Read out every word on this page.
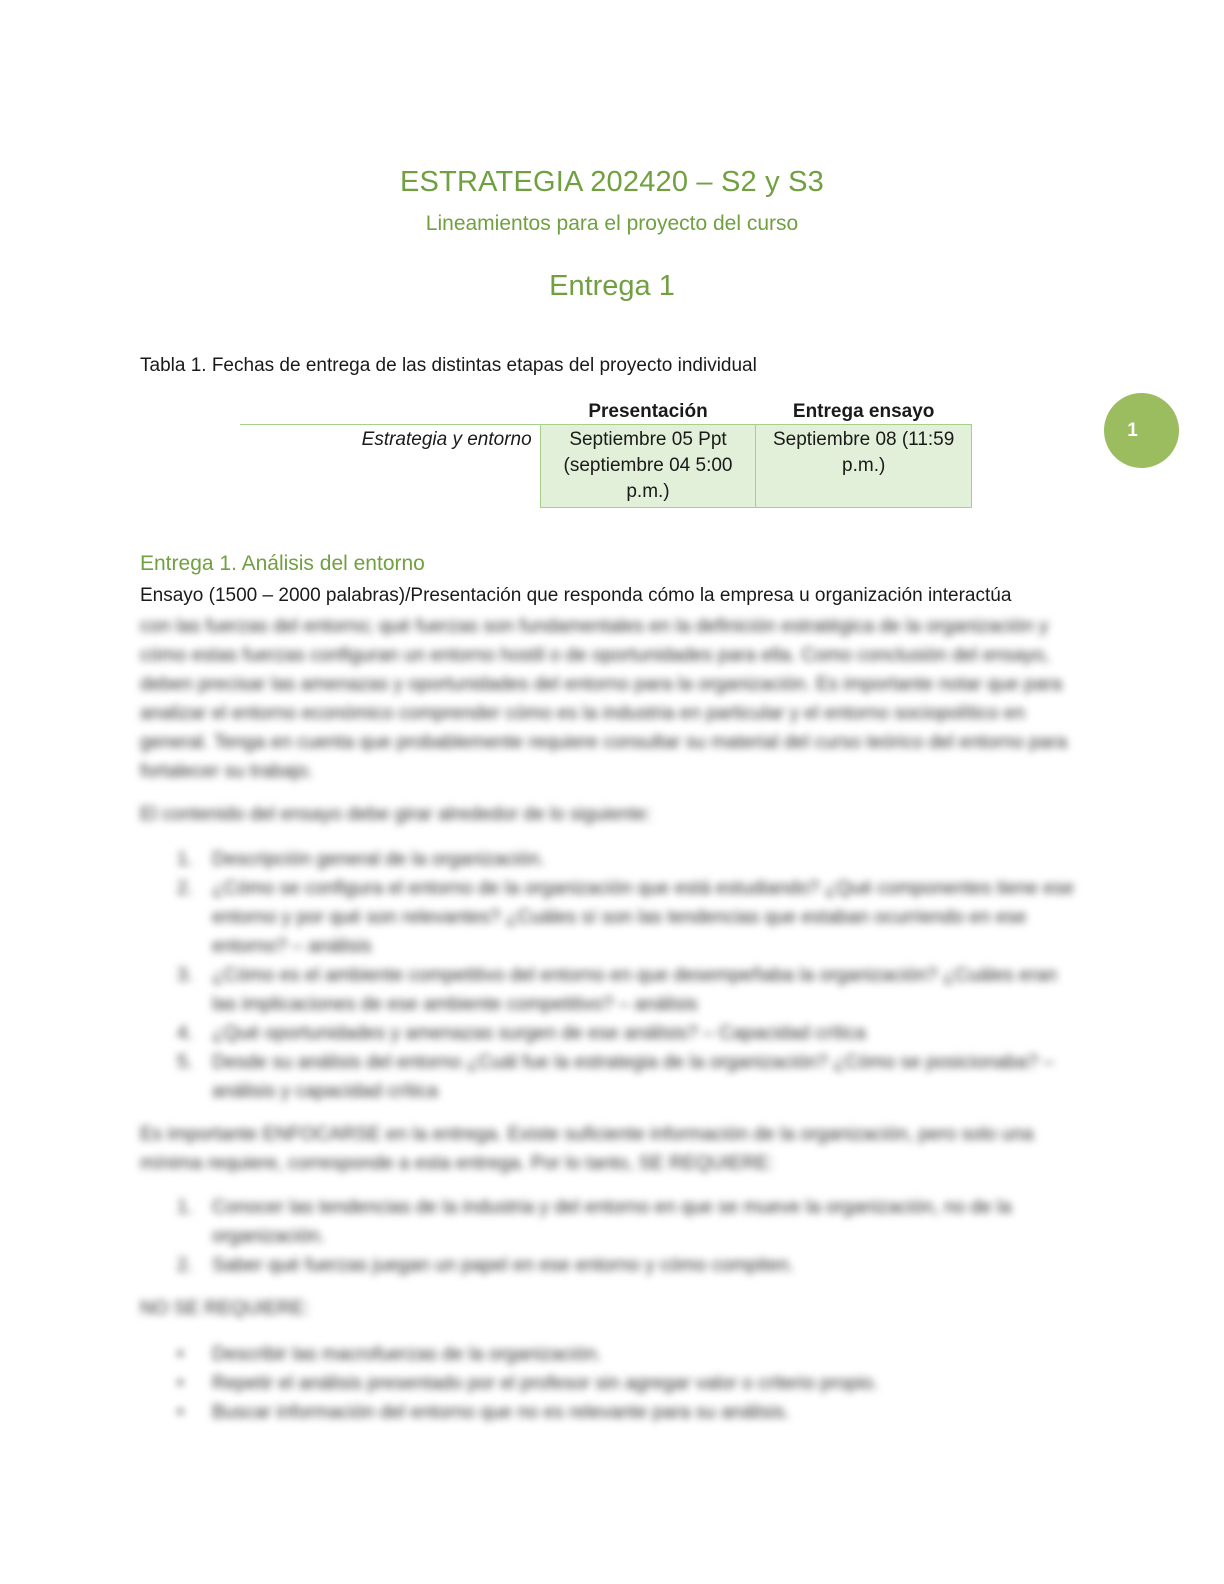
ESTRATEGIA 202420 – S2 y S3
Lineamientos para el proyecto del curso
Entrega 1
Tabla 1. Fechas de entrega de las distintas etapas del proyecto individual
1
	Presentación	Entrega ensayo
Estrategia y entorno	Septiembre 05 Ppt (septiembre 04 5:00 p.m.)	Septiembre 08 (11:59 p.m.)
Entrega 1. Análisis del entorno
Ensayo (1500 – 2000 palabras)/Presentación que responda cómo la empresa u organización interactúa
con las fuerzas del entorno; qué fuerzas son fundamentales en la definición estratégica de la organización y cómo estas fuerzas configuran un entorno hostil o de oportunidades para ella. Como conclusión del ensayo, deben precisar las amenazas y oportunidades del entorno para la organización. Es importante notar que para analizar el entorno económico comprender cómo es la industria en particular y el entorno sociopolítico en general. Tenga en cuenta que probablemente requiere consultar su material del curso teórico del entorno para fortalecer su trabajo.
El contenido del ensayo debe girar alrededor de lo siguiente:
1. Descripción general de la organización.
2. ¿Cómo se configura el entorno de la organización que está estudiando? ¿Qué componentes tiene ese entorno y por qué son relevantes? ¿Cuáles sí son las tendencias que estaban ocurriendo en ese entorno? – análisis
3. ¿Cómo es el ambiente competitivo del entorno en que desempeñaba la organización? ¿Cuáles eran las implicaciones de ese ambiente competitivo? – análisis
4. ¿Qué oportunidades y amenazas surgen de ese análisis? – Capacidad crítica
5. Desde su análisis del entorno ¿Cuál fue la estrategia de la organización? ¿Cómo se posicionaba? – análisis y capacidad crítica
Es importante ENFOCARSE en la entrega. Existe suficiente información de la organización, pero solo una mínima requiere, corresponde a esta entrega. Por lo tanto, SE REQUIERE:
1. Conocer las tendencias de la industria y del entorno en que se mueve la organización, no de la organización.
2. Saber qué fuerzas juegan un papel en ese entorno y cómo compiten.
NO SE REQUIERE:
• Describir las macrofuerzas de la organización.
• Repetir el análisis presentado por el profesor sin agregar valor o criterio propio.
• Buscar información del entorno que no es relevante para su análisis.
